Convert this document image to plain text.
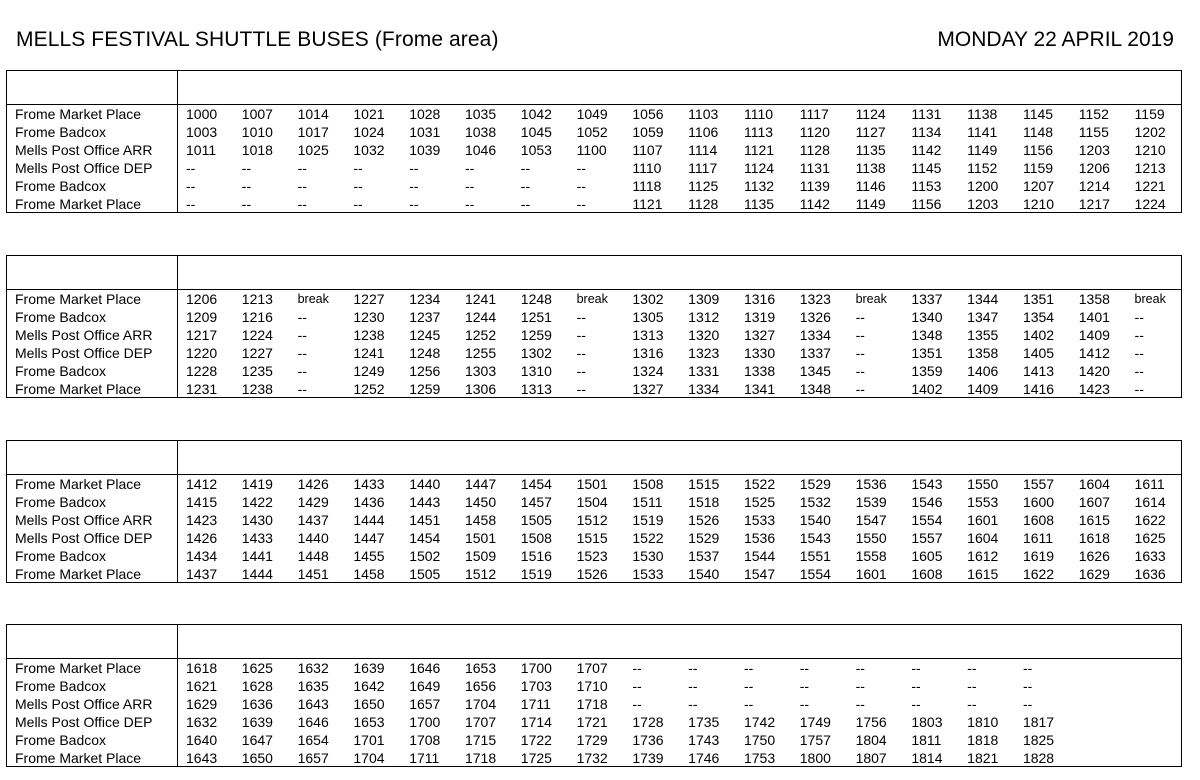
MELLS FESTIVAL SHUTTLE BUSES (Frome area)	MONDAY 22 APRIL 2019
Frome Market Place	1000	1007	1014	1021	1028	1035	1042	1049	1056	1103	1110	1117	1124	1131	1138	1145	1152	1159
Frome Badcox	1003	1010	1017	1024	1031	1038	1045	1052	1059	1106	1113	1120	1127	1134	1141	1148	1155	1202
Mells Post Office ARR	1011	1018	1025	1032	1039	1046	1053	1100	1107	1114	1121	1128	1135	1142	1149	1156	1203	1210
Mells Post Office DEP	--	--	--	--	--	--	--	--	1110	1117	1124	1131	1138	1145	1152	1159	1206	1213
Frome Badcox	--	--	--	--	--	--	--	--	1118	1125	1132	1139	1146	1153	1200	1207	1214	1221
Frome Market Place	--	--	--	--	--	--	--	--	1121	1128	1135	1142	1149	1156	1203	1210	1217	1224
Frome Market Place	1206	1213	break	1227	1234	1241	1248	break	1302	1309	1316	1323	break	1337	1344	1351	1358	break
Frome Badcox	1209	1216	--	1230	1237	1244	1251	--	1305	1312	1319	1326	--	1340	1347	1354	1401	--
Mells Post Office ARR	1217	1224	--	1238	1245	1252	1259	--	1313	1320	1327	1334	--	1348	1355	1402	1409	--
Mells Post Office DEP	1220	1227	--	1241	1248	1255	1302	--	1316	1323	1330	1337	--	1351	1358	1405	1412	--
Frome Badcox	1228	1235	--	1249	1256	1303	1310	--	1324	1331	1338	1345	--	1359	1406	1413	1420	--
Frome Market Place	1231	1238	--	1252	1259	1306	1313	--	1327	1334	1341	1348	--	1402	1409	1416	1423	--
Frome Market Place	1412	1419	1426	1433	1440	1447	1454	1501	1508	1515	1522	1529	1536	1543	1550	1557	1604	1611
Frome Badcox	1415	1422	1429	1436	1443	1450	1457	1504	1511	1518	1525	1532	1539	1546	1553	1600	1607	1614
Mells Post Office ARR	1423	1430	1437	1444	1451	1458	1505	1512	1519	1526	1533	1540	1547	1554	1601	1608	1615	1622
Mells Post Office DEP	1426	1433	1440	1447	1454	1501	1508	1515	1522	1529	1536	1543	1550	1557	1604	1611	1618	1625
Frome Badcox	1434	1441	1448	1455	1502	1509	1516	1523	1530	1537	1544	1551	1558	1605	1612	1619	1626	1633
Frome Market Place	1437	1444	1451	1458	1505	1512	1519	1526	1533	1540	1547	1554	1601	1608	1615	1622	1629	1636
Frome Market Place	1618	1625	1632	1639	1646	1653	1700	1707	--	--	--	--	--	--	--	--		
Frome Badcox	1621	1628	1635	1642	1649	1656	1703	1710	--	--	--	--	--	--	--	--		
Mells Post Office ARR	1629	1636	1643	1650	1657	1704	1711	1718	--	--	--	--	--	--	--	--		
Mells Post Office DEP	1632	1639	1646	1653	1700	1707	1714	1721	1728	1735	1742	1749	1756	1803	1810	1817		
Frome Badcox	1640	1647	1654	1701	1708	1715	1722	1729	1736	1743	1750	1757	1804	1811	1818	1825		
Frome Market Place	1643	1650	1657	1704	1711	1718	1725	1732	1739	1746	1753	1800	1807	1814	1821	1828		
